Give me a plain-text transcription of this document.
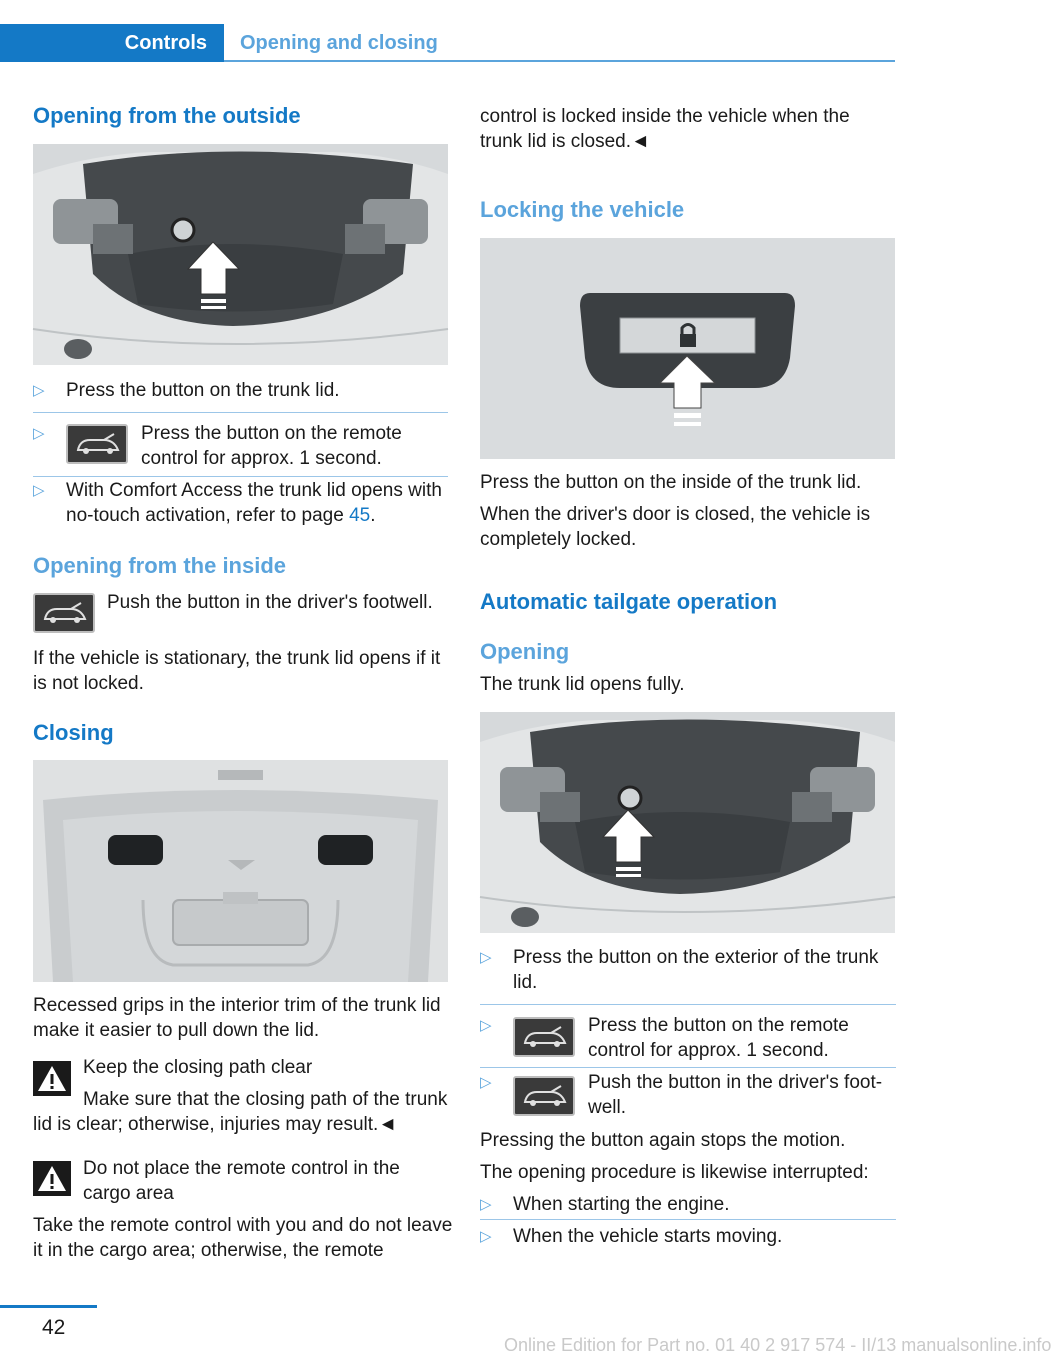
Controls	Opening and closing
Opening from the outside
▷ Press the button on the trunk lid.
▷	Press the button on the remote control for approx. 1 second.
▷ With Comfort Access the trunk lid opens with no-touch activation, refer to page 45.
Opening from the inside

Push the button in the driver's footwell.

If the vehicle is stationary, the trunk lid opens if it is not locked.

Closing

Recessed grips in the interior trim of the trunk lid make it easier to pull down the lid.

Keep the closing path clear

Make sure that the closing path of the trunk lid is clear; otherwise, injuries may result.◄

Do not place the remote control in the cargo area

Take the remote control with you and do not leave it in the cargo area; otherwise, the remote

control is locked inside the vehicle when the trunk lid is closed.◄

Locking the vehicle

Press the button on the inside of the trunk lid.

When the driver's door is closed, the vehicle is completely locked.

Automatic tailgate operation
Opening

The trunk lid opens fully.

▷ Press the button on the exterior of the trunk lid.
▷	Press the button on the remote control for approx. 1 second.
▷	Push the button in the driver's foot‐well.

Pressing the button again stops the motion.

The opening procedure is likewise interrupted:

▷ When starting the engine.
▷ When the vehicle starts moving.
42
Online Edition for Part no. 01 40 2 917 574 - II/13 manualsonline.info
